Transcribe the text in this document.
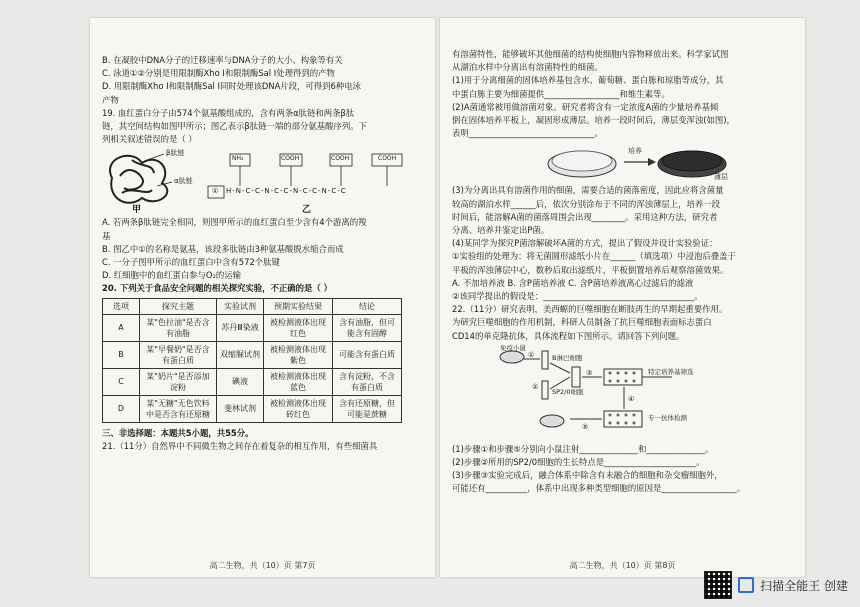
B. 在凝胶中DNA分子的迁移速率与DNA分子的大小、构象等有关
C. 泳道①②分别是用限制酶Xho Ⅰ和限制酶Sal Ⅰ处理得到的产物
D. 用限制酶Xho Ⅰ和限制酶Sal Ⅰ同时处理该DNA片段，可得到6种电泳
产物
19. 血红蛋白分子由574个氨基酸组成的，含有两条α肽链和两条β肽
链，其空间结构如图甲所示；图乙表示β肽链一端的部分氨基酸序列。下
列相关叙述错误的是（ ）
β肽链
α肽链
NH₂	COOH	COOH	COOH
① H-N-C-C-N-C-C-N-C-C-N-C-C
甲	乙
A. 若两条β肽链完全相同，则图甲所示的血红蛋白至少含有4个游离的羧
基
B. 图乙中①的名称是氨基，该段多肽链由3种氨基酸脱水缩合而成
C. 一分子图甲所示的血红蛋白中含有572个肽键
D. 红细胞中的血红蛋白参与O₂的运输
20. 下列关于食品安全问题的相关探究实验，不正确的是（ ）
选项	探究主题	实验试剂	预期实验结果	结论
A	某"色拉油"是否含有油脂	苏丹Ⅲ染液	被检测液体出现红色	含有油脂，但可能含有固醇
B	某"早餐奶"是否含有蛋白质	双缩脲试剂	被检测液体出现紫色	可能含有蛋白质
C	某"奶片"是否添加淀粉	碘液	被检测液体出现蓝色	含有淀粉，不含有蛋白质
D	某"无糖"无色饮料中是否含有还原糖	斐林试剂	被检测液体出现砖红色	含有还原糖，但可能是蔗糖
三、非选择题：本题共5小题，共55分。
21.（11分）自然界中不同微生物之间存在着复杂的相互作用，有些细菌具
高二生物，共（10）页 第7页
有溶菌特性，能够破坏其他细菌的结构使细胞内容物释放出来。科学家试图
从湖泊水样中分离出有溶菌特性的细菌。
(1)用于分离细菌的固体培养基包含水、葡萄糖、蛋白胨和琼脂等成分，其
中蛋白胨主要为细菌提供__________________和维生素等。
(2)A菌通常被用做溶菌对象。研究者将含有一定浓度A菌的少量培养基倾
倒在固体培养平板上，凝固形成薄层。培养一段时间后，薄层变浑浊(如图)，
表明______________________________。
培养
薄层
(3)为分离出具有溶菌作用的细菌，需要合适的菌落密度，因此应将含菌量
较高的湖泊水样______后，依次分别涂布于不同的浑浊薄层上，培养一段
时间后，能溶解A菌的菌落周围会出现________。采用这种方法，研究者
分离、培养并鉴定出P菌。
(4)某同学为探究P菌溶解破坏A菌的方式，提出了假设并设计实验验证：
①实验组的处理为：将无菌圆形滤纸小片在______（填选项）中浸泡后叠盖于
平板的浑浊薄层中心，数秒后取出滤纸片，平板倒置培养后观察溶菌效果。
A. 不加培养液 B. 含P菌培养液 C. 含P菌培养液离心过滤后的滤液
②该同学提出的假设是：____________________________________。
22.（11分）研究表明，美西螈的巨噬细胞在断肢再生的早期起重要作用。
为研究巨噬细胞的作用机制，科研人员制备了抗巨噬细胞表面标志蛋白
CD14的单克隆抗体，具体流程如下图所示。请回答下列问题。
免疫小鼠
B淋巴细胞
SP2/0细胞
特定培养基筛选
专一抗体检测
①
②
③
④
⑤
(1)步骤①和步骤⑤分别向小鼠注射______________和______________。
(2)步骤②所用的SP2/0细胞的生长特点是______________________。
(3)步骤③实验完成后，融合体系中除含有未融合的细胞和杂交瘤细胞外，
可能还有__________，体系中出现多种类型细胞的原因是__________________。
高二生物，共（10）页 第8页
扫描全能王 创建
